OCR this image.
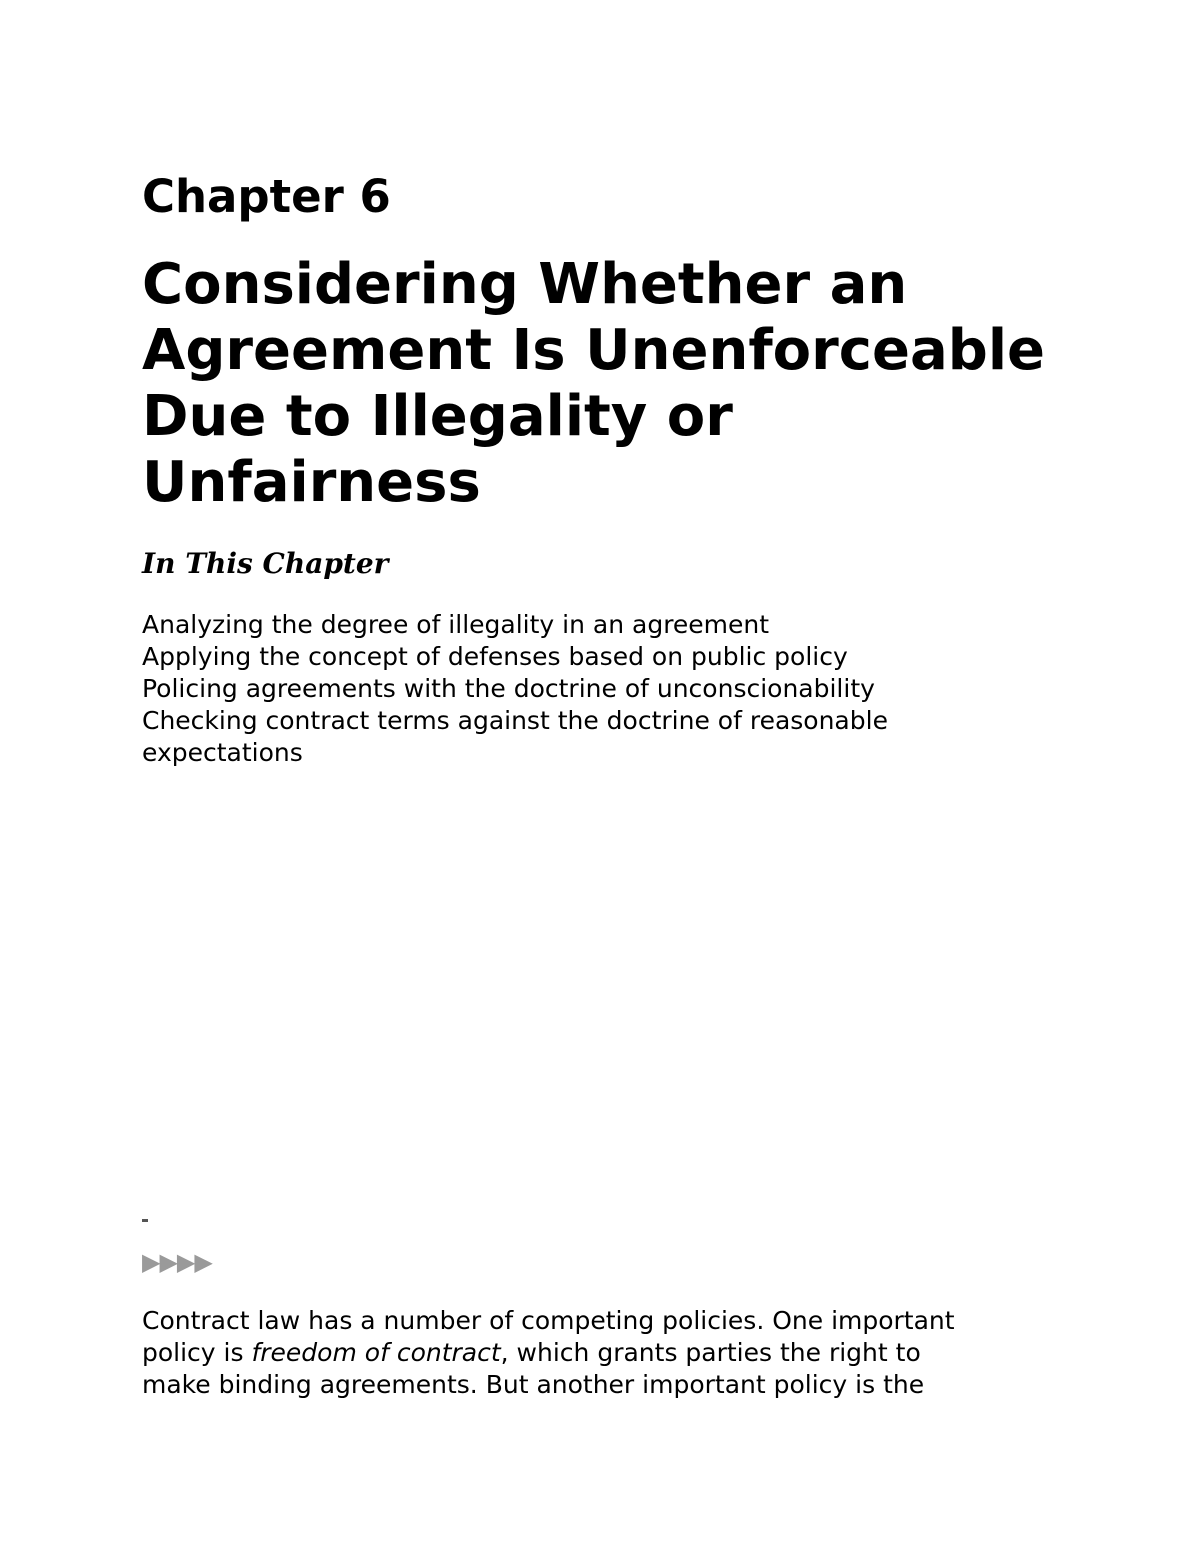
Chapter 6
Considering Whether an
Agreement Is Unenforceable
Due to Illegality or
Unfairness
In This Chapter
Analyzing the degree of illegality in an agreement
Applying the concept of defenses based on public policy
Policing agreements with the doctrine of unconscionability
Checking contract terms against the doctrine of reasonable
expectations

▶▶▶▶

Contract law has a number of competing policies. One important
policy is freedom of contract, which grants parties the right to
make binding agreements. But another important policy is the
